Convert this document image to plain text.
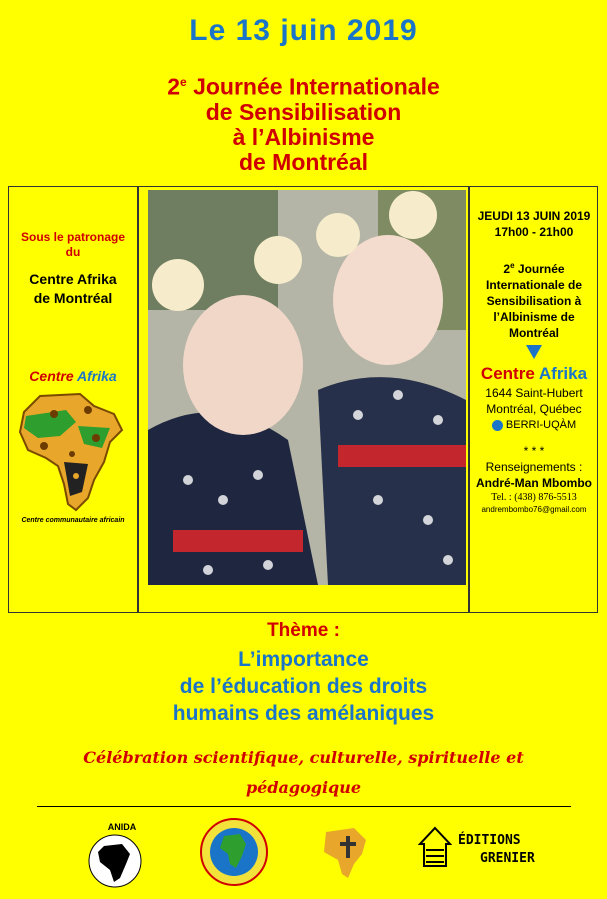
Le 13 juin 2019
2e Journée Internationale
de Sensibilisation
à l’Albinisme
de Montréal
Sous le patronage
du
Centre Afrika
de Montréal
Centre Afrika
Centre communautaire africain
JEUDI 13 JUIN 2019
17h00 - 21h00
2e Journée
Internationale de
Sensibilisation à
l’Albinisme de
Montréal
Centre Afrika
1644 Saint-Hubert
Montréal, Québec
BERRI-UQÀM
* * *
Renseignements :
André-Man Mbombo
Tel. : (438) 876-5513
andrembombo76@gmail.com
Thème :
L’importance
de l’éducation des droits
humains des amélaniques
Célébration scientifique, culturelle, spirituelle et
pédagogique
ANIDA
ÉDITIONS
GRENIER
